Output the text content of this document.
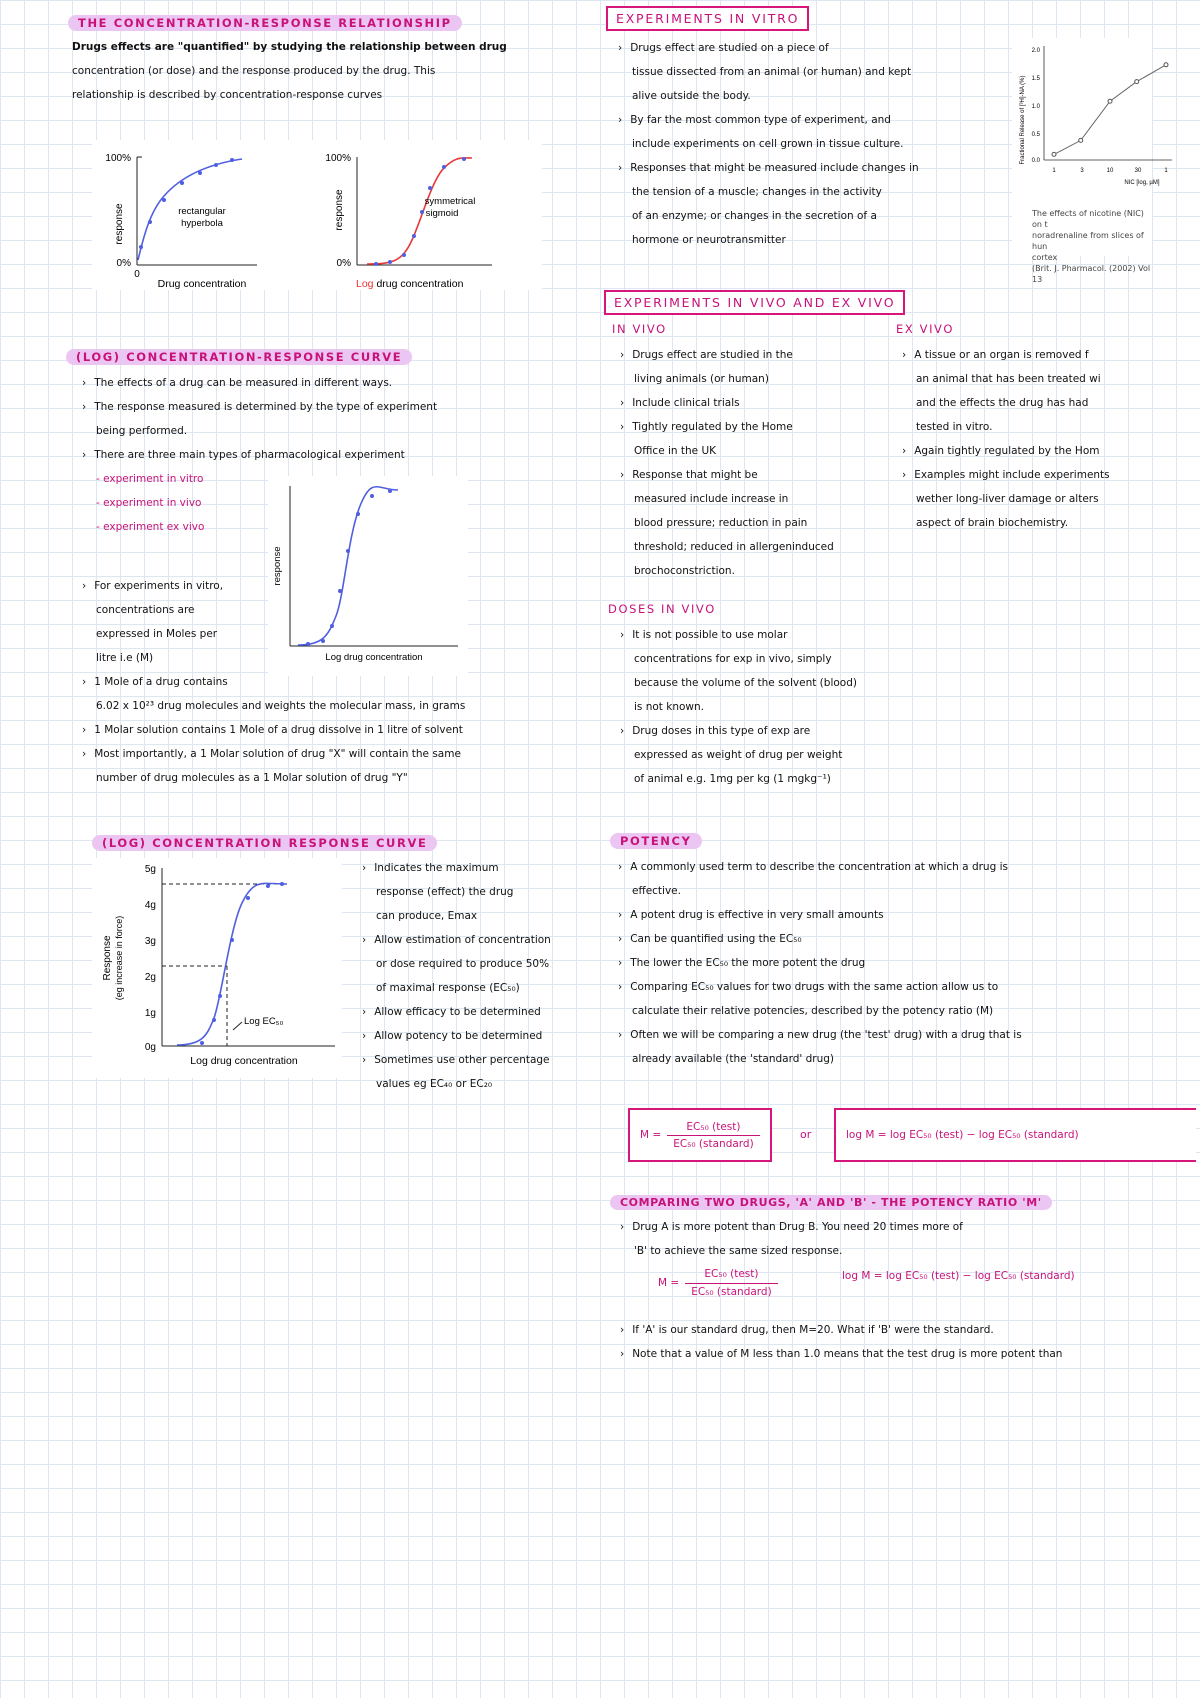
THE CONCENTRATION-RESPONSE RELATIONSHIP
Drugs effects are "quantified" by studying the relationship between drug
concentration (or dose) and the response produced by the drug. This
relationship is described by concentration-response curves
100%
0%
0
response
Drug concentration
rectangular
hyperbola
100%
0%
response
Log drug concentration
symmetrical
sigmoid
(LOG) CONCENTRATION-RESPONSE CURVE
› The effects of a drug can be measured in different ways.
› The response measured is determined by the type of experiment
being performed.
› There are three main types of pharmacological experiment
- experiment in vitro
- experiment in vivo
- experiment ex vivo
› For experiments in vitro,
concentrations are
expressed in Moles per
litre i.e (M)
› 1 Mole of a drug contains
6.02 x 10²³ drug molecules and weights the molecular mass, in grams
› 1 Molar solution contains 1 Mole of a drug dissolve in 1 litre of solvent
› Most importantly, a 1 Molar solution of drug "X" will contain the same
number of drug molecules as a 1 Molar solution of drug "Y"
response
Log drug concentration
(LOG) CONCENTRATION RESPONSE CURVE
5g
4g
3g
2g
1g
0g
Response (eg increase in force)
Log drug concentration
Log EC₅₀
› Indicates the maximum
response (effect) the drug
can produce, Emax
› Allow estimation of concentration
or dose required to produce 50%
of maximal response (EC₅₀)
› Allow efficacy to be determined
› Allow potency to be determined
› Sometimes use other percentage
values eg EC₄₀ or EC₂₀
EXPERIMENTS IN VITRO
› Drugs effect are studied on a piece of
tissue dissected from an animal (or human) and kept
alive outside the body.
› By far the most common type of experiment, and
include experiments on cell grown in tissue culture.
› Responses that might be measured include changes in
the tension of a muscle; changes in the activity
of an enzyme; or changes in the secretion of a
hormone or neurotransmitter
Fractional Release of [³H]-NA (%)
2.0
1.5
1.0
0.5
0.0
1	3	10	30	1
NIC [log, µM]
The effects of nicotine (NIC) on t
noradrenaline from slices of hun
cortex
(Brit. J. Pharmacol. (2002) Vol 13
EXPERIMENTS IN VIVO AND EX VIVO
IN VIVO
› Drugs effect are studied in the
living animals (or human)
› Include clinical trials
› Tightly regulated by the Home
Office in the UK
› Response that might be
measured include increase in
blood pressure; reduction in pain
threshold; reduced in allergeninduced
brochoconstriction.
EX VIVO
› A tissue or an organ is removed f
an animal that has been treated wi
and the effects the drug has had
tested in vitro.
› Again tightly regulated by the Hom
› Examples might include experiments
wether long-liver damage or alters
aspect of brain biochemistry.
DOSES IN VIVO
› It is not possible to use molar
concentrations for exp in vivo, simply
because the volume of the solvent (blood)
is not known.
› Drug doses in this type of exp are
expressed as weight of drug per weight
of animal e.g. 1mg per kg (1 mgkg⁻¹)
POTENCY
› A commonly used term to describe the concentration at which a drug is
effective.
› A potent drug is effective in very small amounts
› Can be quantified using the EC₅₀
› The lower the EC₅₀ the more potent the drug
› Comparing EC₅₀ values for two drugs with the same action allow us to
calculate their relative potencies, described by the potency ratio (M)
› Often we will be comparing a new drug (the 'test' drug) with a drug that is
already available (the 'standard' drug)
$M = \frac{\text{EC₅₀ (test)}}{\text{EC₅₀ (standard)}}$	or	log M = log EC₅₀ (test) − log EC₅₀ (standard)
COMPARING TWO DRUGS, 'A' AND 'B' - THE POTENCY RATIO 'M'
› Drug A is more potent than Drug B. You need 20 times more of
'B' to achieve the same sized response.
$M = \frac{\text{EC₅₀ (test)}}{\text{EC₅₀ (standard)}}$	log M = log EC₅₀ (test) − log EC₅₀ (standard)
› If 'A' is our standard drug, then M=20. What if 'B' were the standard.
› Note that a value of M less than 1.0 means that the test drug is more potent than
